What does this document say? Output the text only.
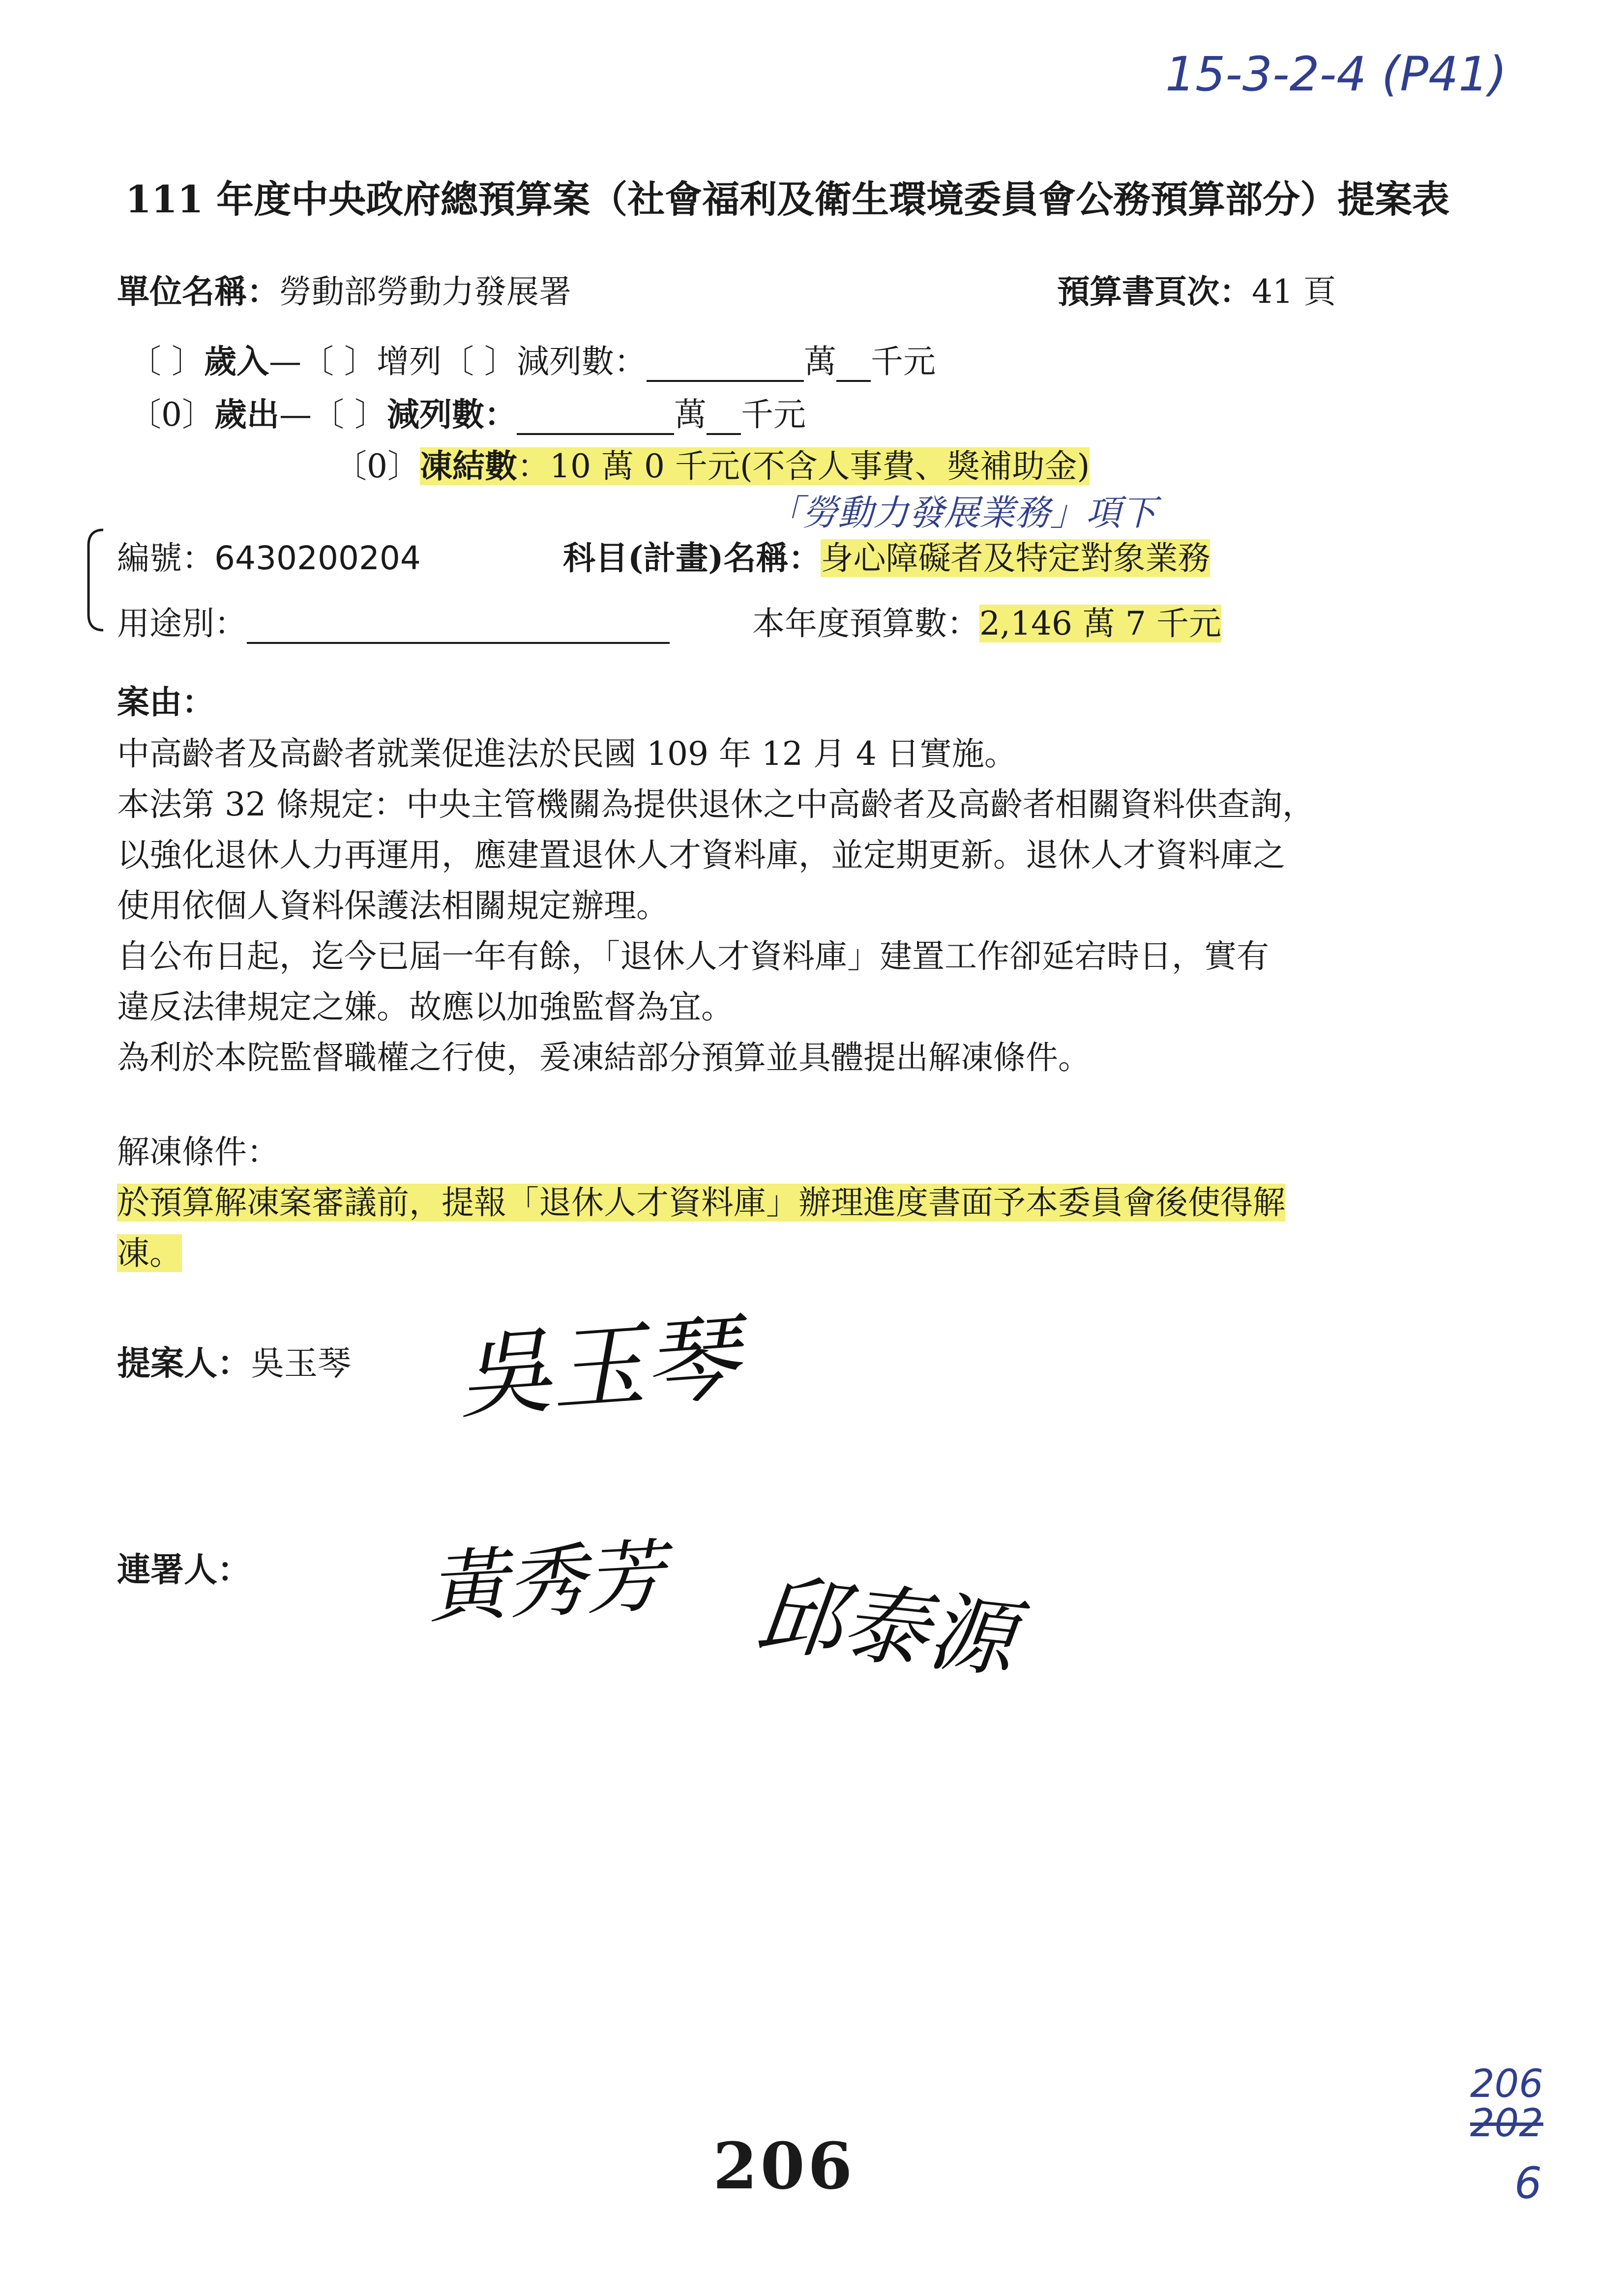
15-3-2-4 (P41)
111 年度中央政府總預算案（社會福利及衛生環境委員會公務預算部分）提案表
單位名稱：勞動部勞動力發展署	預算書頁次：41 頁
〔 〕歲入—〔 〕增列〔 〕減列數：	萬 千元
〔0〕歲出—〔 〕減列數：	萬 千元
〔0〕凍結數：10 萬 0 千元(不含人事費、獎補助金)
「勞動力發展業務」項下
編號：6430200204	科目(計畫)名稱：身心障礙者及特定對象業務
用途別：	本年度預算數：2,146 萬 7 千元
案由：
中高齡者及高齡者就業促進法於民國 109 年 12 月 4 日實施。
本法第 32 條規定：中央主管機關為提供退休之中高齡者及高齡者相關資料供查詢，
以強化退休人力再運用，應建置退休人才資料庫，並定期更新。退休人才資料庫之
使用依個人資料保護法相關規定辦理。
自公布日起，迄今已屆一年有餘，「退休人才資料庫」建置工作卻延宕時日，實有
違反法律規定之嫌。故應以加強監督為宜。
為利於本院監督職權之行使，爰凍結部分預算並具體提出解凍條件。
解凍條件：
於預算解凍案審議前，提報「退休人才資料庫」辦理進度書面予本委員會後使得解
凍。
提案人：吳玉琴 吳玉琴
連署人： 黃秀芳 邱泰源
206
206
202
6
